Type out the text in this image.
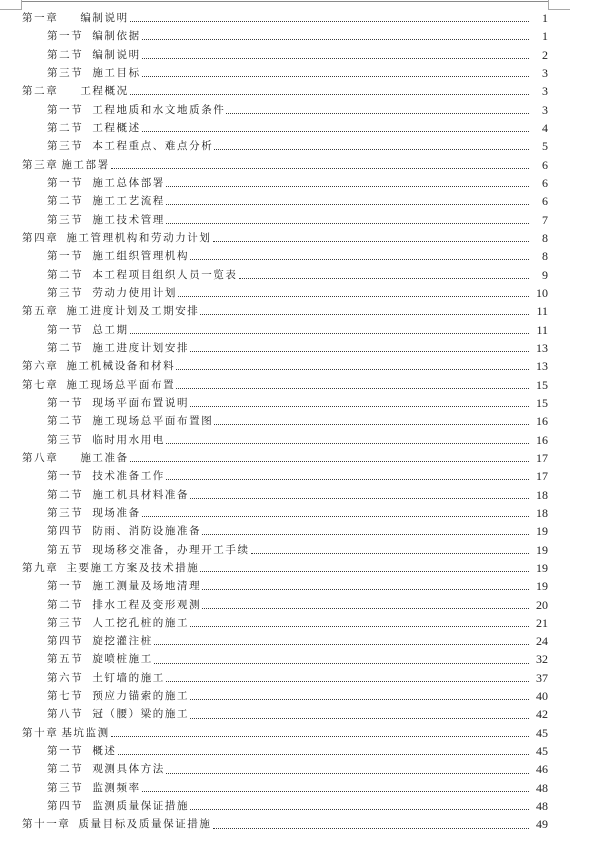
第一章 编制说明	1
第一节 编制依据	1
第二节 编制说明	2
第三节 施工目标	3
第二章 工程概况	3
第一节 工程地质和水文地质条件	3
第二节 工程概述	4
第三节 本工程重点、难点分析	5
第三章 施工部署	6
第一节 施工总体部署	6
第二节 施工工艺流程	6
第三节 施工技术管理	7
第四章 施工管理机构和劳动力计划	8
第一节 施工组织管理机构	8
第二节 本工程项目组织人员一览表	9
第三节 劳动力使用计划	10
第五章 施工进度计划及工期安排	11
第一节 总工期	11
第二节 施工进度计划安排	13
第六章 施工机械设备和材料	13
第七章 施工现场总平面布置	15
第一节 现场平面布置说明	15
第二节 施工现场总平面布置图	16
第三节 临时用水用电	16
第八章 施工准备	17
第一节 技术准备工作	17
第二节 施工机具材料准备	18
第三节 现场准备	18
第四节 防雨、消防设施准备	19
第五节 现场移交准备，办理开工手续	19
第九章 主要施工方案及技术措施	19
第一节 施工测量及场地清理	19
第二节 排水工程及变形观测	20
第三节 人工挖孔桩的施工	21
第四节 旋挖灌注桩	24
第五节 旋喷桩施工	32
第六节 土钉墙的施工	37
第七节 预应力锚索的施工	40
第八节 冠（腰）梁的施工	42
第十章 基坑监测	45
第一节 概述	45
第二节 观测具体方法	46
第三节 监测频率	48
第四节 监测质量保证措施	48
第十一章 质量目标及质量保证措施	49
